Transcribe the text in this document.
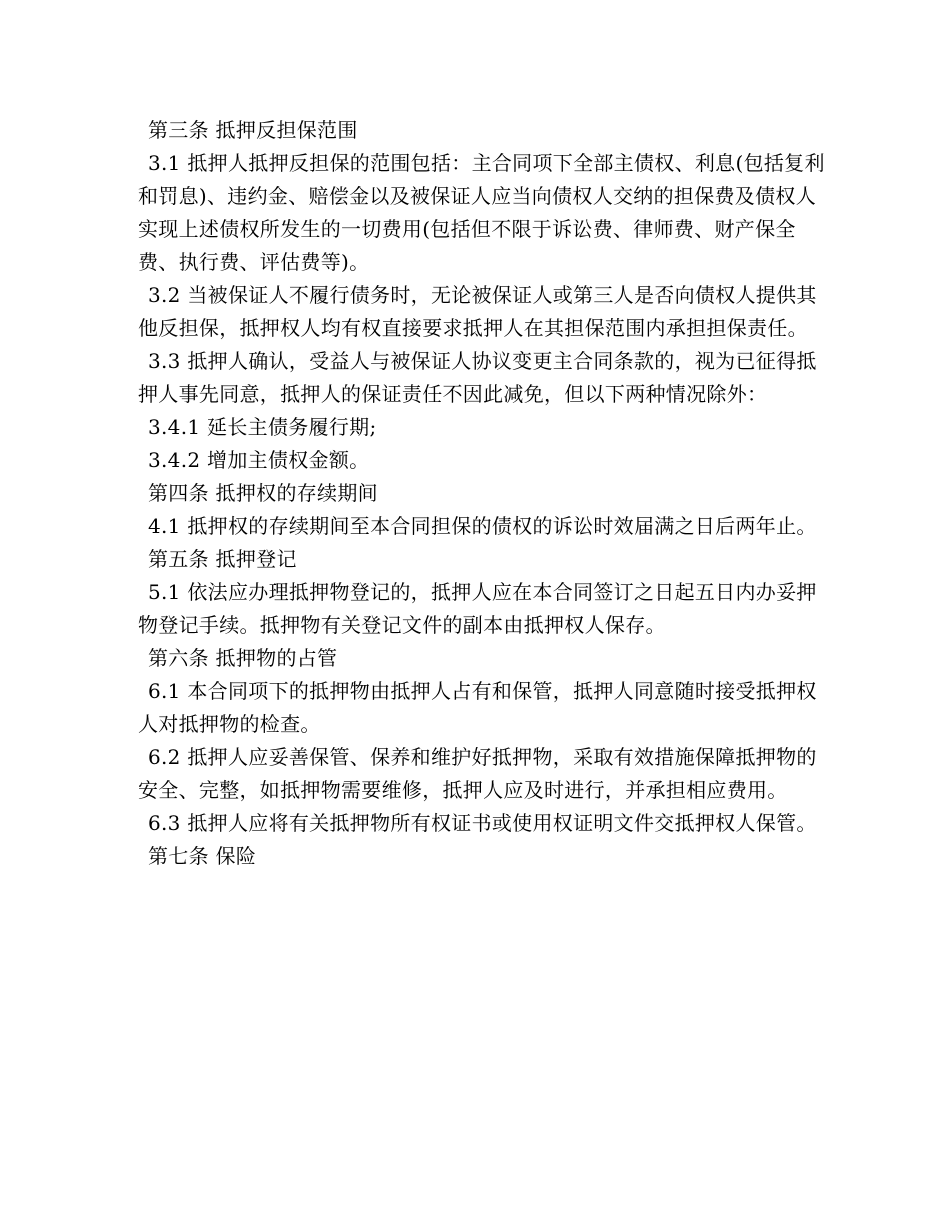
第三条 抵押反担保范围

3.1 抵押人抵押反担保的范围包括：主合同项下全部主债权、利息(包括复利和罚息)、违约金、赔偿金以及被保证人应当向债权人交纳的担保费及债权人实现上述债权所发生的一切费用(包括但不限于诉讼费、律师费、财产保全费、执行费、评估费等)。

3.2 当被保证人不履行债务时，无论被保证人或第三人是否向债权人提供其他反担保，抵押权人均有权直接要求抵押人在其担保范围内承担担保责任。

3.3 抵押人确认，受益人与被保证人协议变更主合同条款的，视为已征得抵押人事先同意，抵押人的保证责任不因此减免，但以下两种情况除外：

3.4.1 延长主债务履行期;

3.4.2 增加主债权金额。

第四条 抵押权的存续期间

4.1 抵押权的存续期间至本合同担保的债权的诉讼时效届满之日后两年止。

第五条 抵押登记

5.1 依法应办理抵押物登记的，抵押人应在本合同签订之日起五日内办妥押物登记手续。抵押物有关登记文件的副本由抵押权人保存。

第六条 抵押物的占管

6.1 本合同项下的抵押物由抵押人占有和保管，抵押人同意随时接受抵押权人对抵押物的检查。

6.2 抵押人应妥善保管、保养和维护好抵押物，采取有效措施保障抵押物的安全、完整，如抵押物需要维修，抵押人应及时进行，并承担相应费用。

6.3 抵押人应将有关抵押物所有权证书或使用权证明文件交抵押权人保管。

第七条 保险
